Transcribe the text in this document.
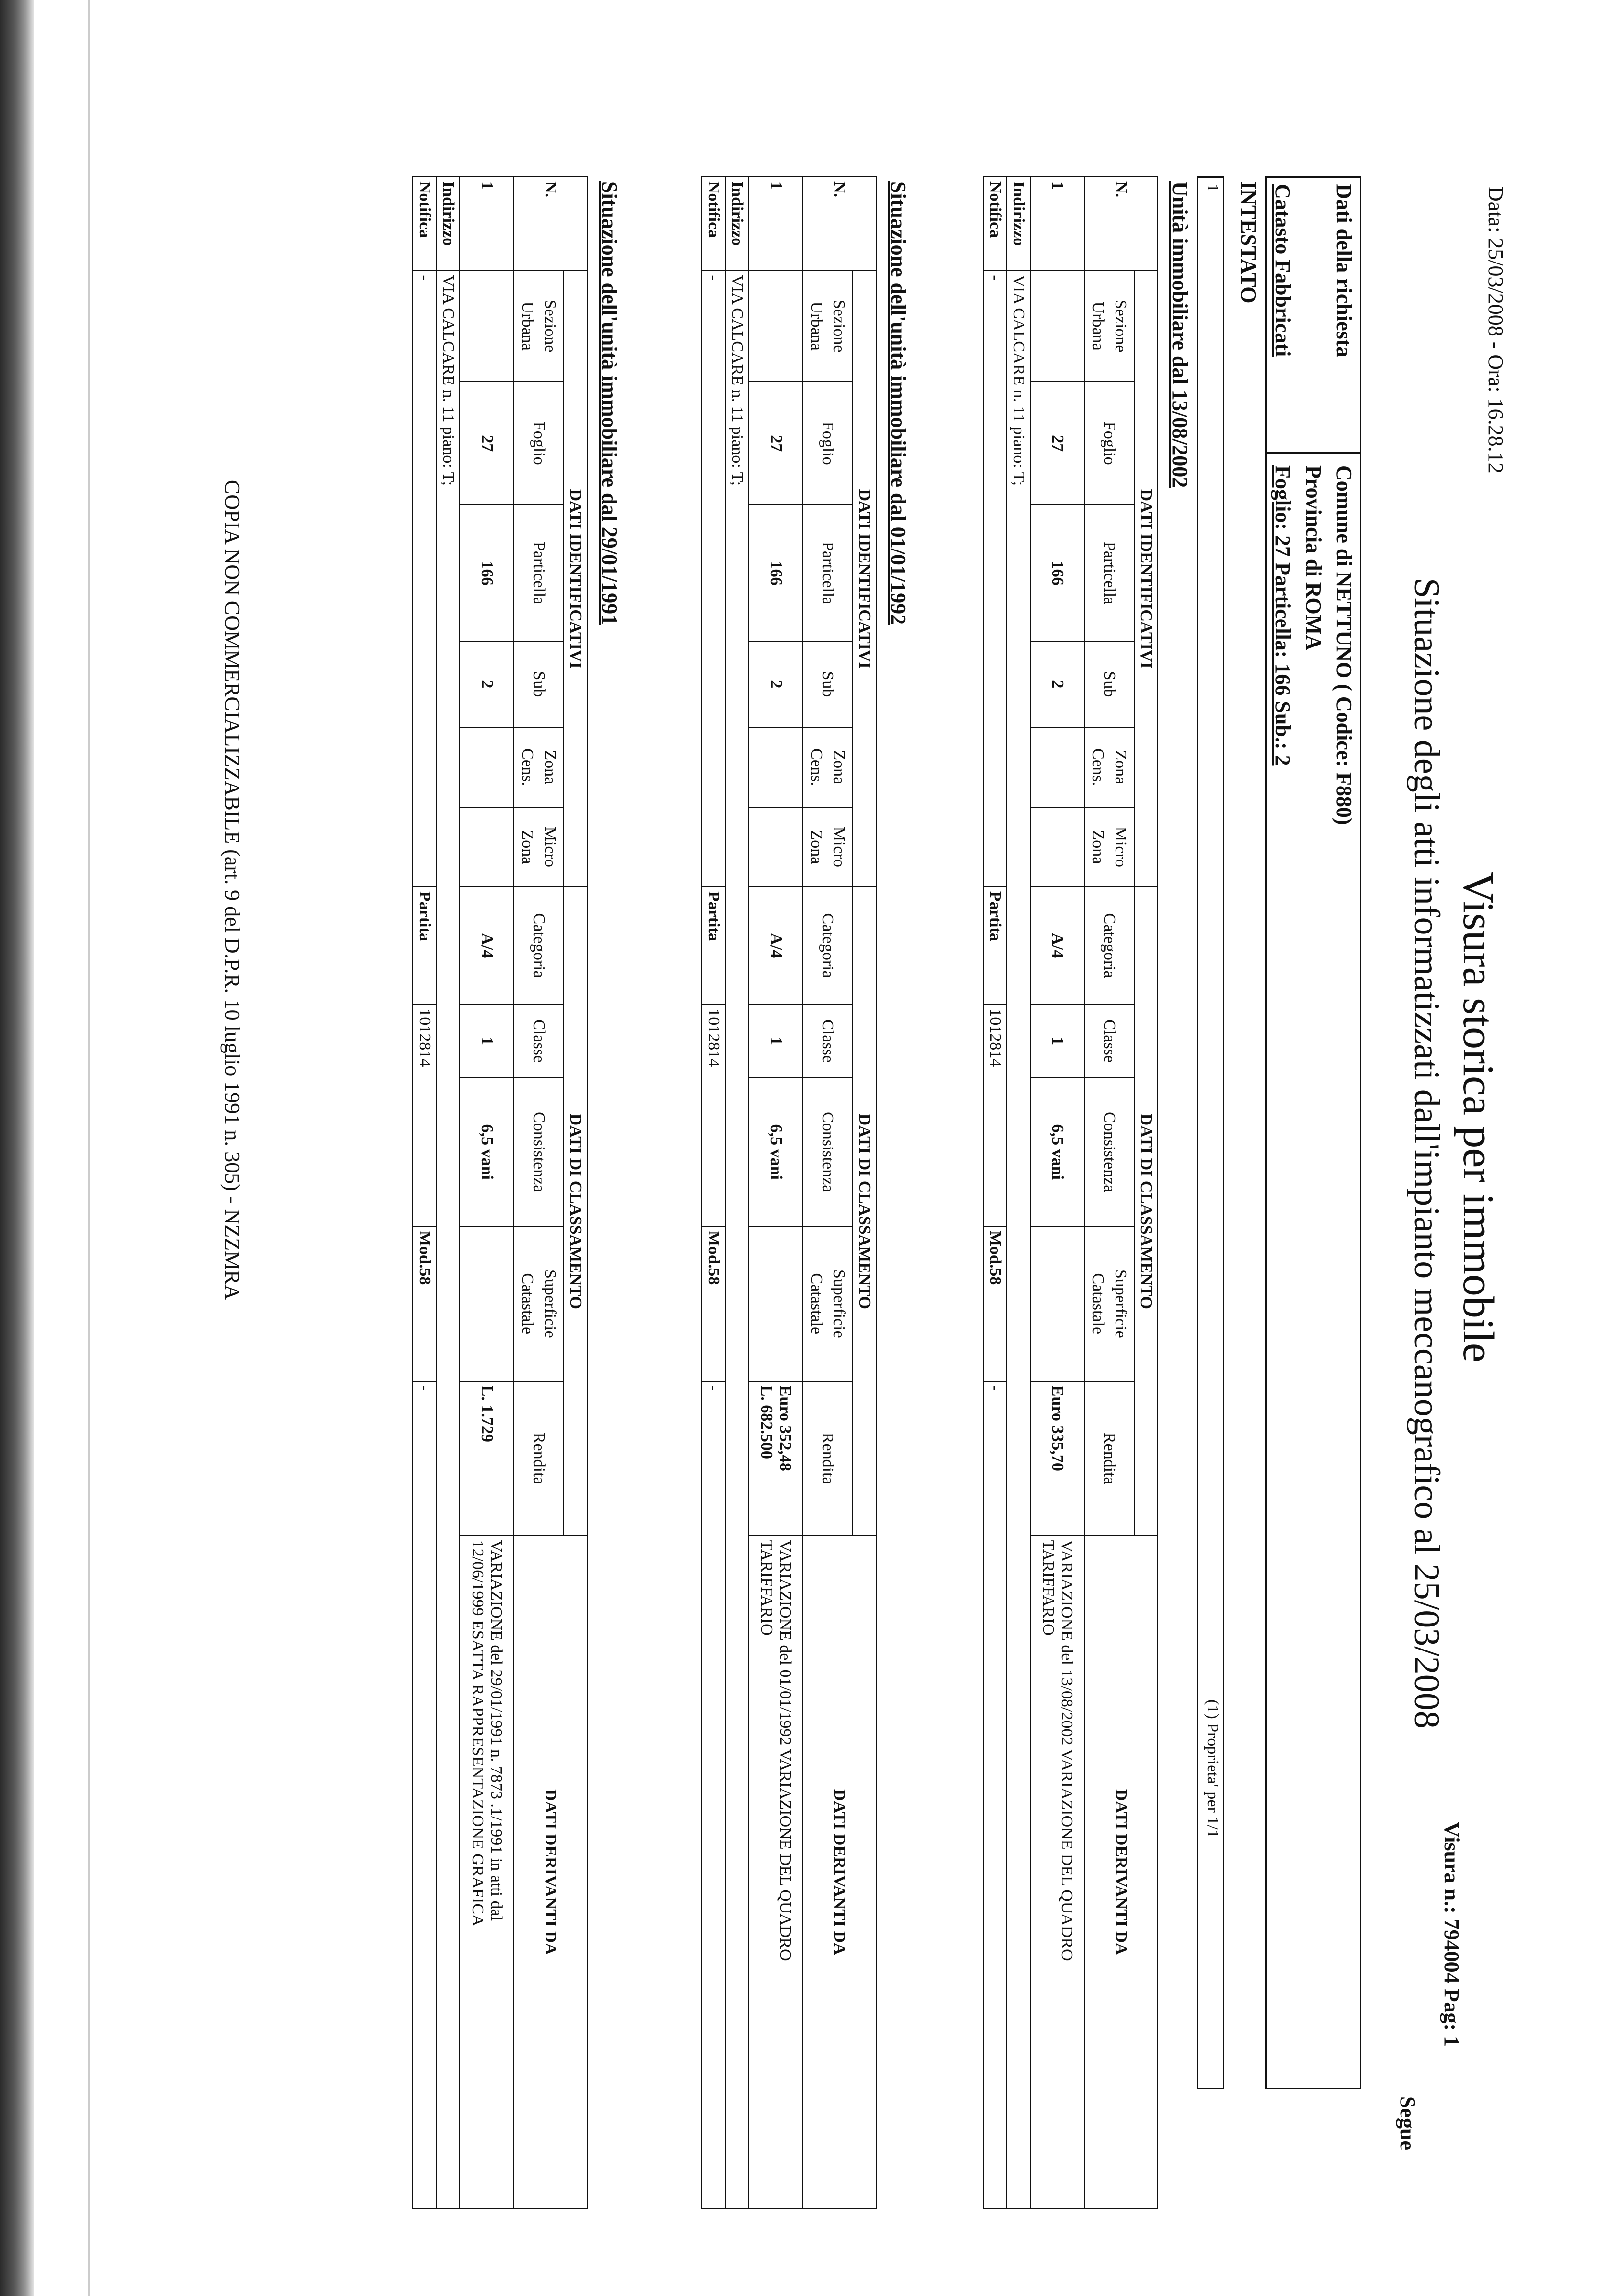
Data: 25/03/2008 - Ora: 16.28.12
Visura storica per immobile
Situazione degli atti informatizzati dall'impianto meccanografico al 25/03/2008
Visura n.: 794004 Pag: 1
Segue
Dati della richiesta
Catasto Fabbricati
Comune di NETTUNO ( Codice: F880)
Provincia di ROMA
Foglio: 27 Particella: 166 Sub.: 2
INTESTATO
1
(1) Proprieta' per 1/1
Unità immobiliare dal 13/08/2002
N.	DATI IDENTIFICATIVI						DATI DI CLASSAMENTO					DATI DERIVANTI DA
	Sezione
Urbana	Foglio	Particella	Sub	Zona
Cens.	Micro
Zona	Categoria	Classe	Consistenza	Superficie
Catastale	Rendita	
1		27	166	2			A/4	1	6,5 vani		Euro 335,70	VARIAZIONE del 13/08/2002 VARIAZIONE DEL QUADRO
TARIFFARIO
Indirizzo	VIA CALCARE n. 11 piano: T;											
Notifica	-						Partita	1012814		Mod.58	-	
Situazione dell'unità immobiliare dal 01/01/1992
N.	DATI IDENTIFICATIVI						DATI DI CLASSAMENTO					DATI DERIVANTI DA
	Sezione
Urbana	Foglio	Particella	Sub	Zona
Cens.	Micro
Zona	Categoria	Classe	Consistenza	Superficie
Catastale	Rendita	
1		27	166	2			A/4	1	6,5 vani		Euro 352,48
L. 682.500	VARIAZIONE del 01/01/1992 VARIAZIONE DEL QUADRO
TARIFFARIO
Indirizzo	VIA CALCARE n. 11 piano: T;											
Notifica	-						Partita	1012814		Mod.58	-	
Situazione dell'unità immobiliare dal 29/01/1991
N.	DATI IDENTIFICATIVI						DATI DI CLASSAMENTO					DATI DERIVANTI DA
	Sezione
Urbana	Foglio	Particella	Sub	Zona
Cens.	Micro
Zona	Categoria	Classe	Consistenza	Superficie
Catastale	Rendita	
1		27	166	2			A/4	1	6,5 vani		L. 1.729	VARIAZIONE del 29/01/1991 n. 7873 .1/1991 in atti dal
12/06/1999 ESATTA RAPPRESENTAZIONE GRAFICA
Indirizzo	VIA CALCARE n. 11 piano: T;											
Notifica	-						Partita	1012814		Mod.58	-	
COPIA NON COMMERCIALIZZABILE (art. 9 del D.P.R. 10 luglio 1991 n. 305) - NZZMRA
